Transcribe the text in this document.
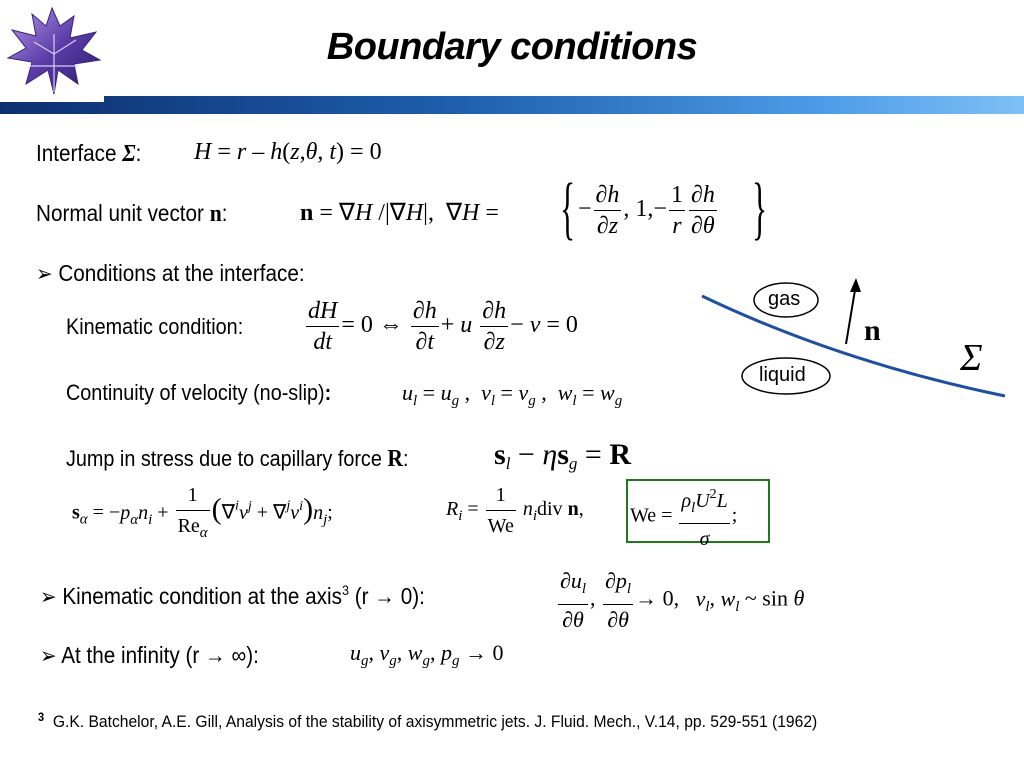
Boundary conditions
Interface Σ: H = r – h(z,θ, t) = 0
Normal unit vector n:	n = ∇H /|∇H|,  ∇H = { − $\frac{\partial h}{\partial z}$ , $1,- \frac{1}{r} \frac{\partial h}{\partial\theta}$ }
➢ Conditions at the interface:
Kinematic condition:	$\frac{dH}{dt} = 0$ ⇔ $\frac{\partial h}{\partial t} + u \frac{\partial h}{\partial z} - v = 0$
Continuity of velocity (no-slip):	$u_l = u_g$ ,  $v_l = v_g$ ,  $w_l = w_g$
Jump in stress due to capillary force R:	$s_l - \eta s_g = R$
$s_\alpha = -p_\alpha n_i + \frac{1}{Re_\alpha} (\nabla^iv^j + \nabla^jv^i)n_j$;	$R_i = \frac{1}{We} n_idiv$ n, $We = \frac{\rho_lU^2L}{\sigma}$ ;
➢ Kinematic condition at the axis$^3$ (r → 0):	$\frac{\partial u_l}{\partial\theta}$ , $\frac{\partial p_l}{\partial\theta} \to 0$,   $v_l$, $w_l$ ~ sin θ
➢ At the infinity (r → ∞):	$u_g$, $v_g$, $w_g$, $p_g \to 0$
gas
liquid
n
Σ
$^3$ G.K. Batchelor, A.E. Gill, Analysis of the stability of axisymmetric jets. J. Fluid. Mech., V.14, pp. 529-551 (1962)
